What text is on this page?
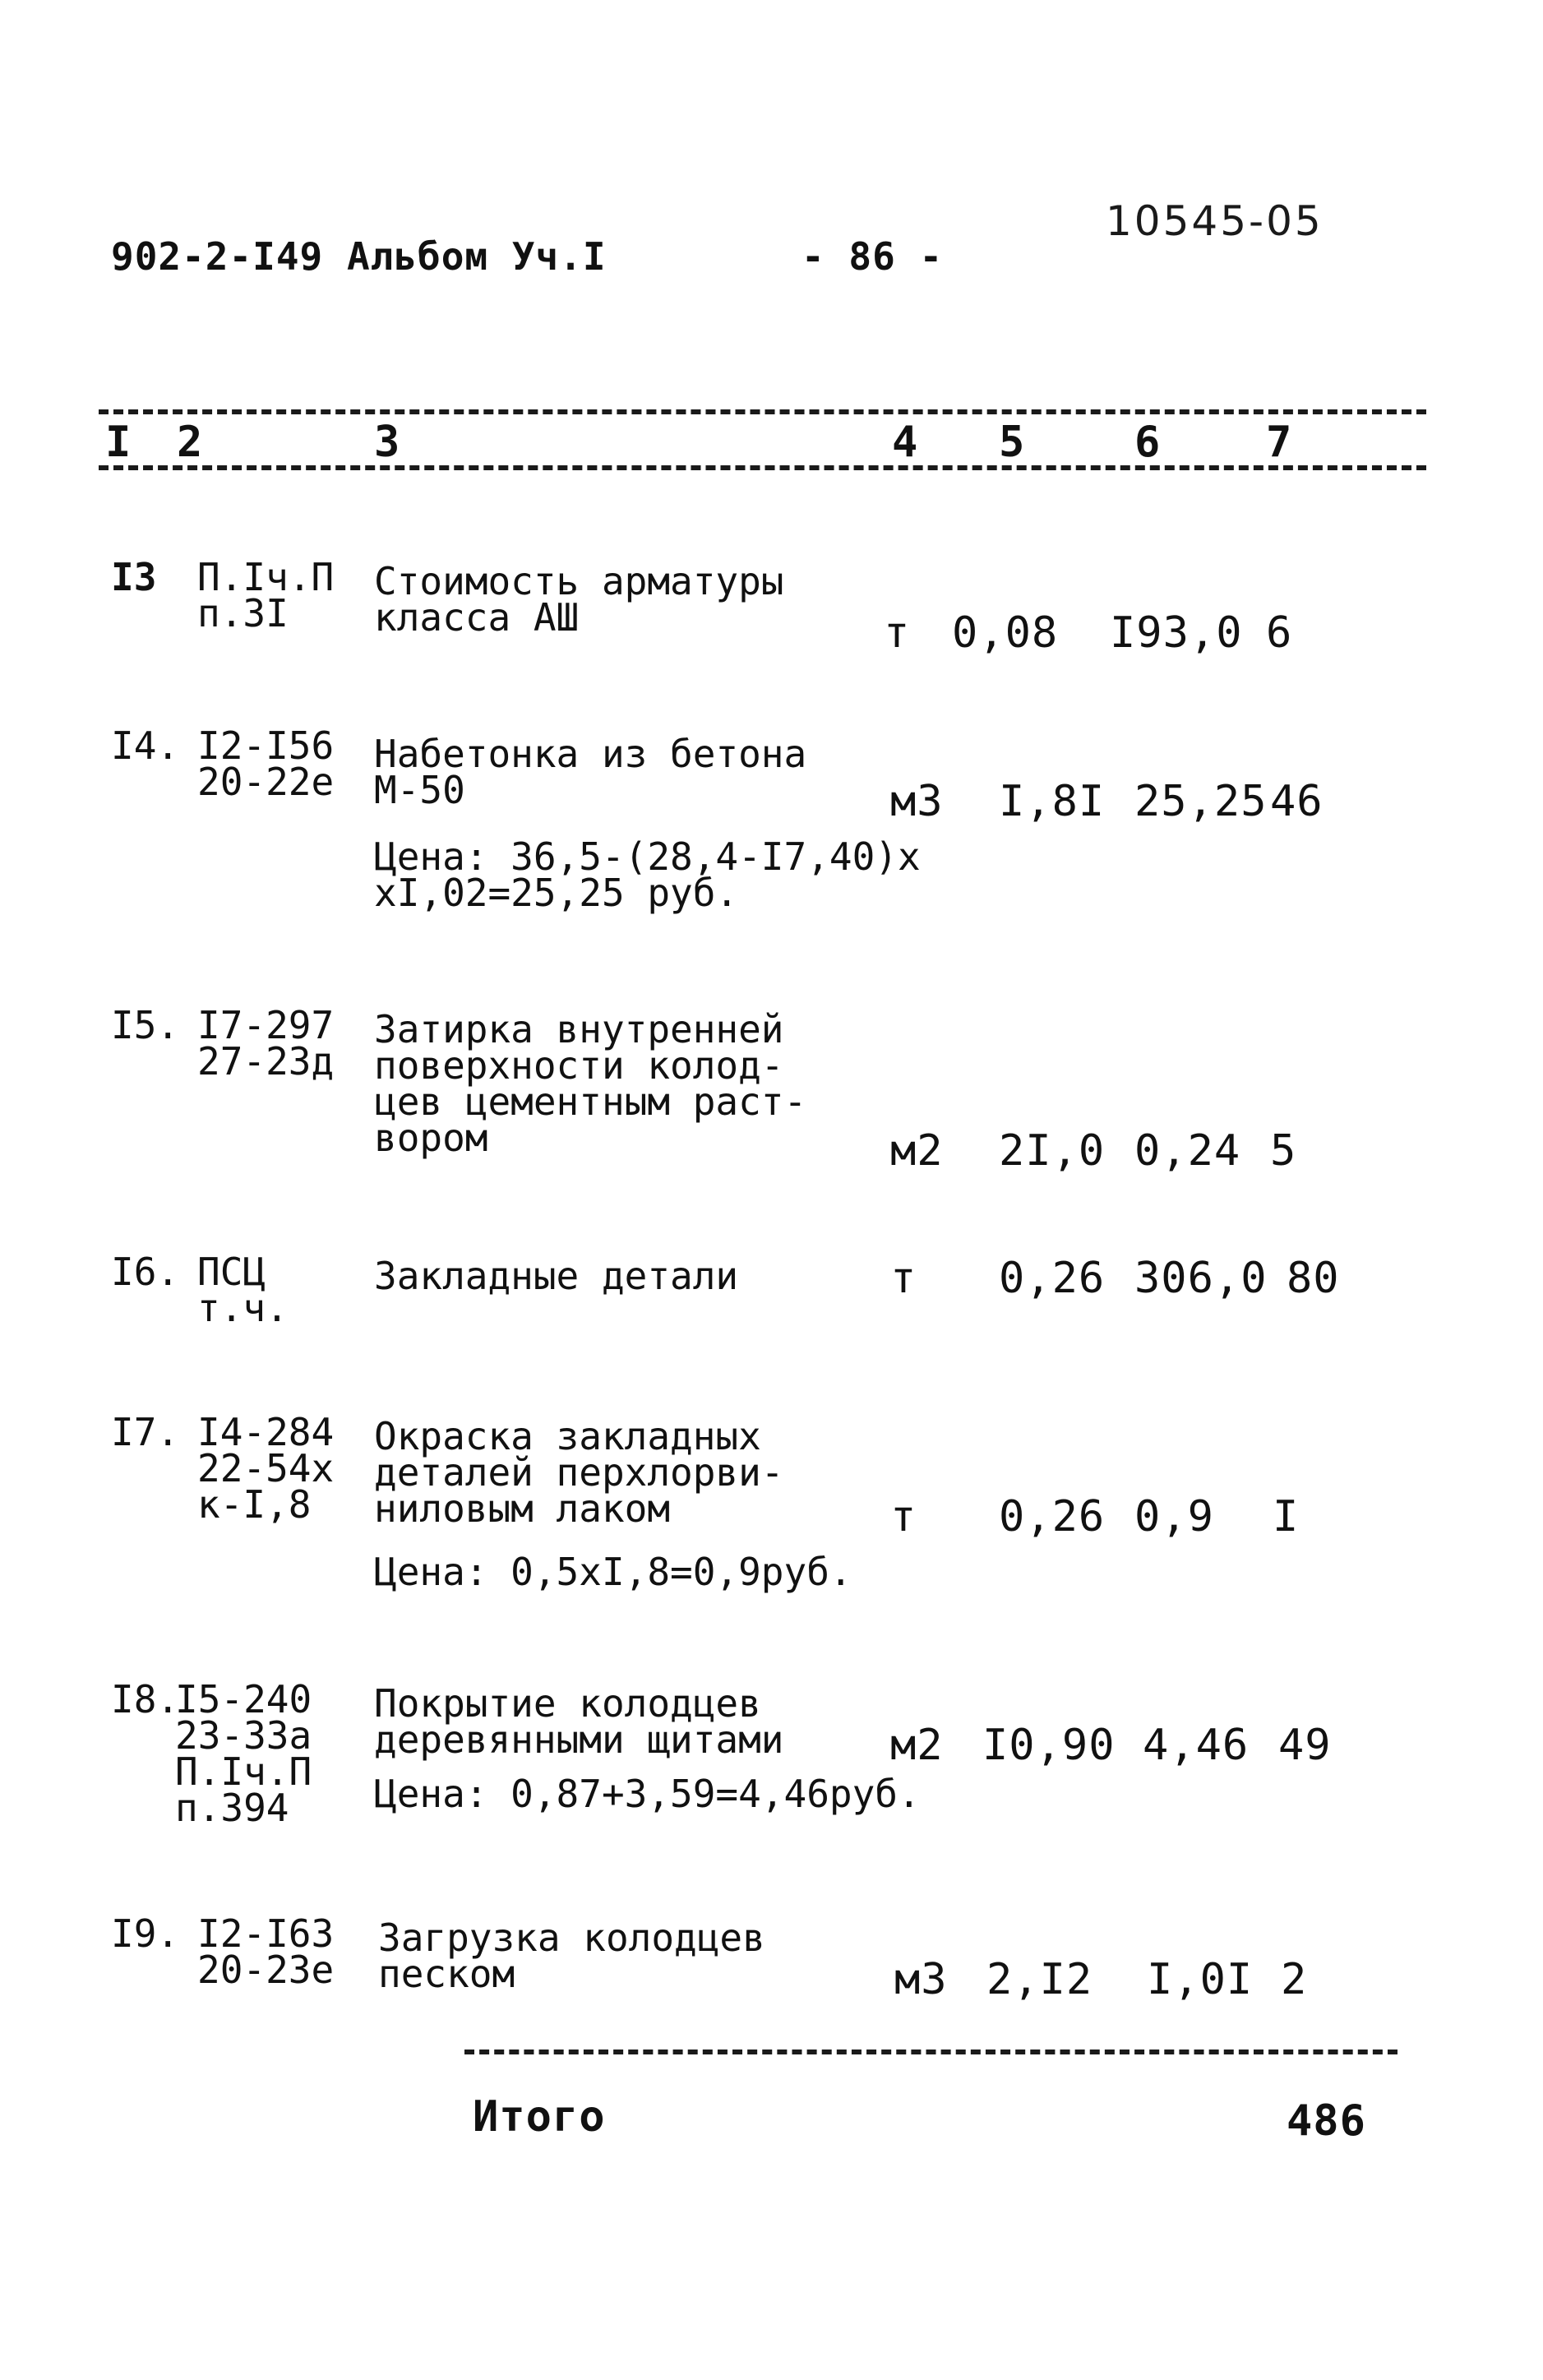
902-2-I49 Альбом Уч.I	- 86 -
10545-05
I 2	3	4 5	6 7
I3 П.Iч.П
п.3I
Стоимость арматуры
класса АШ	т 0,08 I93,0 6
I4. I2-I56
20-22е
Набетонка из бетона
М-50	м3 I,8I 25,25 46
Цена: 36,5-(28,4-I7,40)х
хI,02=25,25 руб.
I5. I7-297
27-23д
Затирка внутренней
поверхности колод-
цев цементным раст-
вором	м2 2I,0 0,24 5
I6. ПСЦ
т.ч.
Закладные детали	т 0,26 306,0 80
I7. I4-284
22-54х
к-I,8
Окраска закладных
деталей перхлорви-
ниловым лаком	т 0,26 0,9 I
Цена: 0,5хI,8=0,9руб.
I8.
I5-240
23-33а
П.Iч.П
п.394
Покрытие колодцев
деревянными щитами м2 I0,90 4,46 49
Цена: 0,87+3,59=4,46руб.
I9. I2-I63
20-23е
Загрузка колодцев
песком	м3 2,I2 I,0I 2
Итого	486
